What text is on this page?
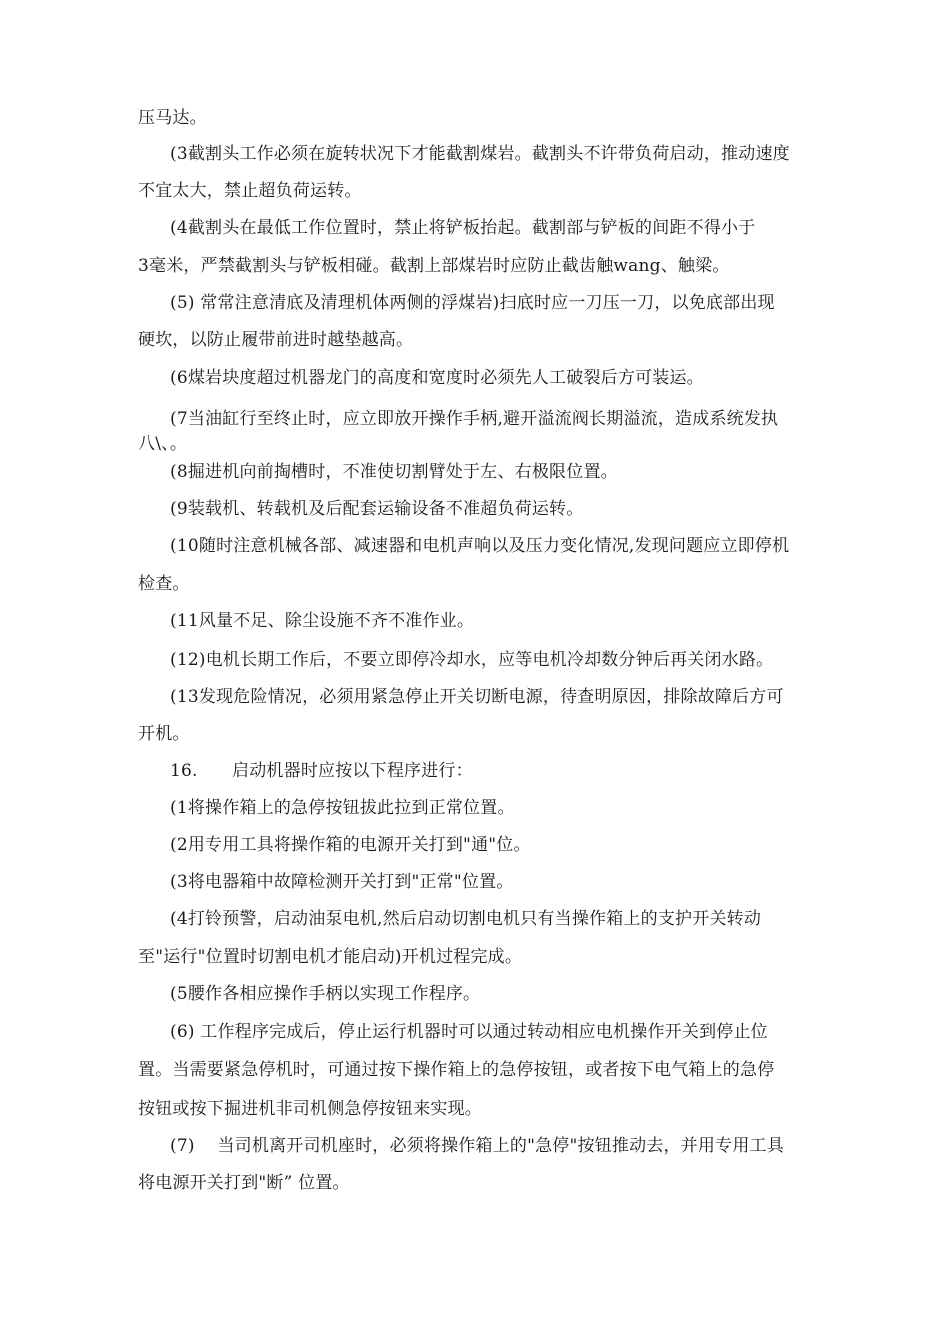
压马达。
(3截割头工作必须在旋转状况下才能截割煤岩。截割头不许带负荷启动，推动速度
不宜太大，禁止超负荷运转。
(4截割头在最低工作位置时，禁止将铲板抬起。截割部与铲板的间距不得小于
3毫米，严禁截割头与铲板相碰。截割上部煤岩时应防止截齿触wang、触梁。
(5) 常常注意清底及清理机体两侧的浮煤岩)扫底时应一刀压一刀，以免底部出现
硬坎，以防止履带前进时越垫越高。
(6煤岩块度超过机器龙门的高度和宽度时必须先人工破裂后方可装运。
(7当油缸行至终止时，应立即放开操作手柄,避开溢流阀长期溢流，造成系统发执
八\、。
(8掘进机向前掏槽时，不准使切割臂处于左、右极限位置。
(9装载机、转载机及后配套运输设备不准超负荷运转。
(10随时注意机械各部、减速器和电机声响以及压力变化情况,发现问题应立即停机
检查。
(11风量不足、除尘设施不齐不准作业。
(12)电机长期工作后，不要立即停冷却水，应等电机冷却数分钟后再关闭水路。
(13发现危险情况，必须用紧急停止开关切断电源，待查明原因，排除故障后方可
开机。
16.　　启动机器时应按以下程序进行：
(1将操作箱上的急停按钮拔此拉到正常位置。
(2用专用工具将操作箱的电源开关打到"通"位。
(3将电器箱中故障检测开关打到"正常"位置。
(4打铃预警，启动油泵电机,然后启动切割电机只有当操作箱上的支护开关转动
至"运行"位置时切割电机才能启动)开机过程完成。
(5腰作各相应操作手柄以实现工作程序。
(6) 工作程序完成后，停止运行机器时可以通过转动相应电机操作开关到停止位
置。当需要紧急停机时，可通过按下操作箱上的急停按钮，或者按下电气箱上的急停
按钮或按下掘进机非司机侧急停按钮来实现。
(7)　 当司机离开司机座时，必须将操作箱上的"急停"按钮推动去，并用专用工具
将电源开关打到"断” 位置。
